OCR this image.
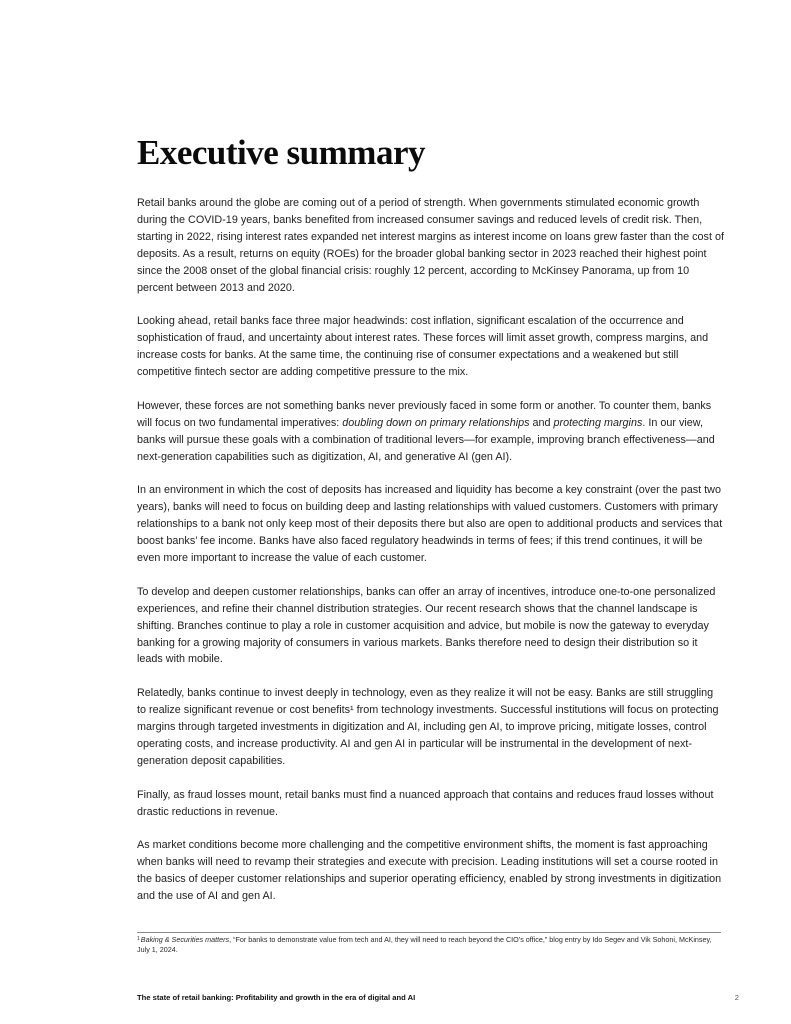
Executive summary

Retail banks around the globe are coming out of a period of strength. When governments stimulated economic growth during the COVID-19 years, banks benefited from increased consumer savings and reduced levels of credit risk. Then, starting in 2022, rising interest rates expanded net interest margins as interest income on loans grew faster than the cost of deposits. As a result, returns on equity (ROEs) for the broader global banking sector in 2023 reached their highest point since the 2008 onset of the global financial crisis: roughly 12 percent, according to McKinsey Panorama, up from 10 percent between 2013 and 2020.

Looking ahead, retail banks face three major headwinds: cost inflation, significant escalation of the occurrence and sophistication of fraud, and uncertainty about interest rates. These forces will limit asset growth, compress margins, and increase costs for banks. At the same time, the continuing rise of consumer expectations and a weakened but still competitive fintech sector are adding competitive pressure to the mix.

However, these forces are not something banks never previously faced in some form or another. To counter them, banks will focus on two fundamental imperatives: doubling down on primary relationships and protecting margins. In our view, banks will pursue these goals with a combination of traditional levers—for example, improving branch effectiveness—and next-generation capabilities such as digitization, AI, and generative AI (gen AI).

In an environment in which the cost of deposits has increased and liquidity has become a key constraint (over the past two years), banks will need to focus on building deep and lasting relationships with valued customers. Customers with primary relationships to a bank not only keep most of their deposits there but also are open to additional products and services that boost banks’ fee income. Banks have also faced regulatory headwinds in terms of fees; if this trend continues, it will be even more important to increase the value of each customer.

To develop and deepen customer relationships, banks can offer an array of incentives, introduce one-to-one personalized experiences, and refine their channel distribution strategies. Our recent research shows that the channel landscape is shifting. Branches continue to play a role in customer acquisition and advice, but mobile is now the gateway to everyday banking for a growing majority of consumers in various markets. Banks therefore need to design their distribution so it leads with mobile.

Relatedly, banks continue to invest deeply in technology, even as they realize it will not be easy. Banks are still struggling to realize significant revenue or cost benefits¹ from technology investments. Successful institutions will focus on protecting margins through targeted investments in digitization and AI, including gen AI, to improve pricing, mitigate losses, control operating costs, and increase productivity. AI and gen AI in particular will be instrumental in the development of next-generation deposit capabilities.

Finally, as fraud losses mount, retail banks must find a nuanced approach that contains and reduces fraud losses without drastic reductions in revenue.

As market conditions become more challenging and the competitive environment shifts, the moment is fast approaching when banks will need to revamp their strategies and execute with precision. Leading institutions will set a course rooted in the basics of deeper customer relationships and superior operating efficiency, enabled by strong investments in digitization and the use of AI and gen AI.

$^1$Baking & Securities matters, “For banks to demonstrate value from tech and AI, they will need to reach beyond the CIO’s office,” blog entry by Ido Segev and Vik Sohoni, McKinsey, July 1, 2024.
The state of retail banking: Profitability and growth in the era of digital and AI	2
